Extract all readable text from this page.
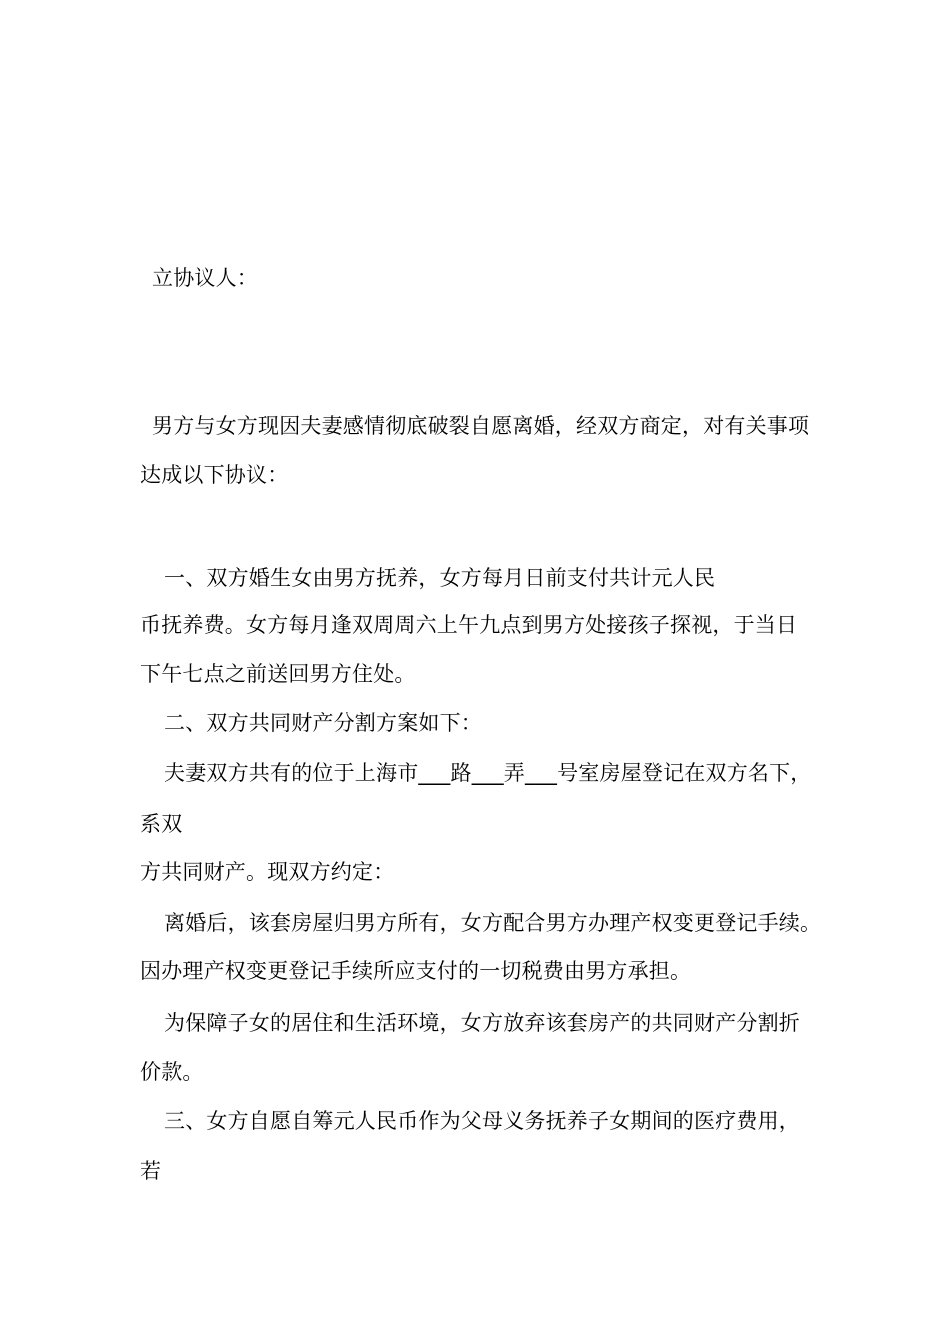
立协议人：
男方与女方现因夫妻感情彻底破裂自愿离婚，经双方商定，对有关事项
达成以下协议：
一、双方婚生女由男方抚养，女方每月日前支付共计元人民
币抚养费。女方每月逢双周周六上午九点到男方处接孩子探视，于当日
下午七点之前送回男方住处。
二、双方共同财产分割方案如下：
夫妻双方共有的位于上海市___路___弄___号室房屋登记在双方名下，
系双
方共同财产。现双方约定：
离婚后，该套房屋归男方所有，女方配合男方办理产权变更登记手续。
因办理产权变更登记手续所应支付的一切税费由男方承担。
为保障子女的居住和生活环境，女方放弃该套房产的共同财产分割折
价款。
三、女方自愿自筹元人民币作为父母义务抚养子女期间的医疗费用，
若
